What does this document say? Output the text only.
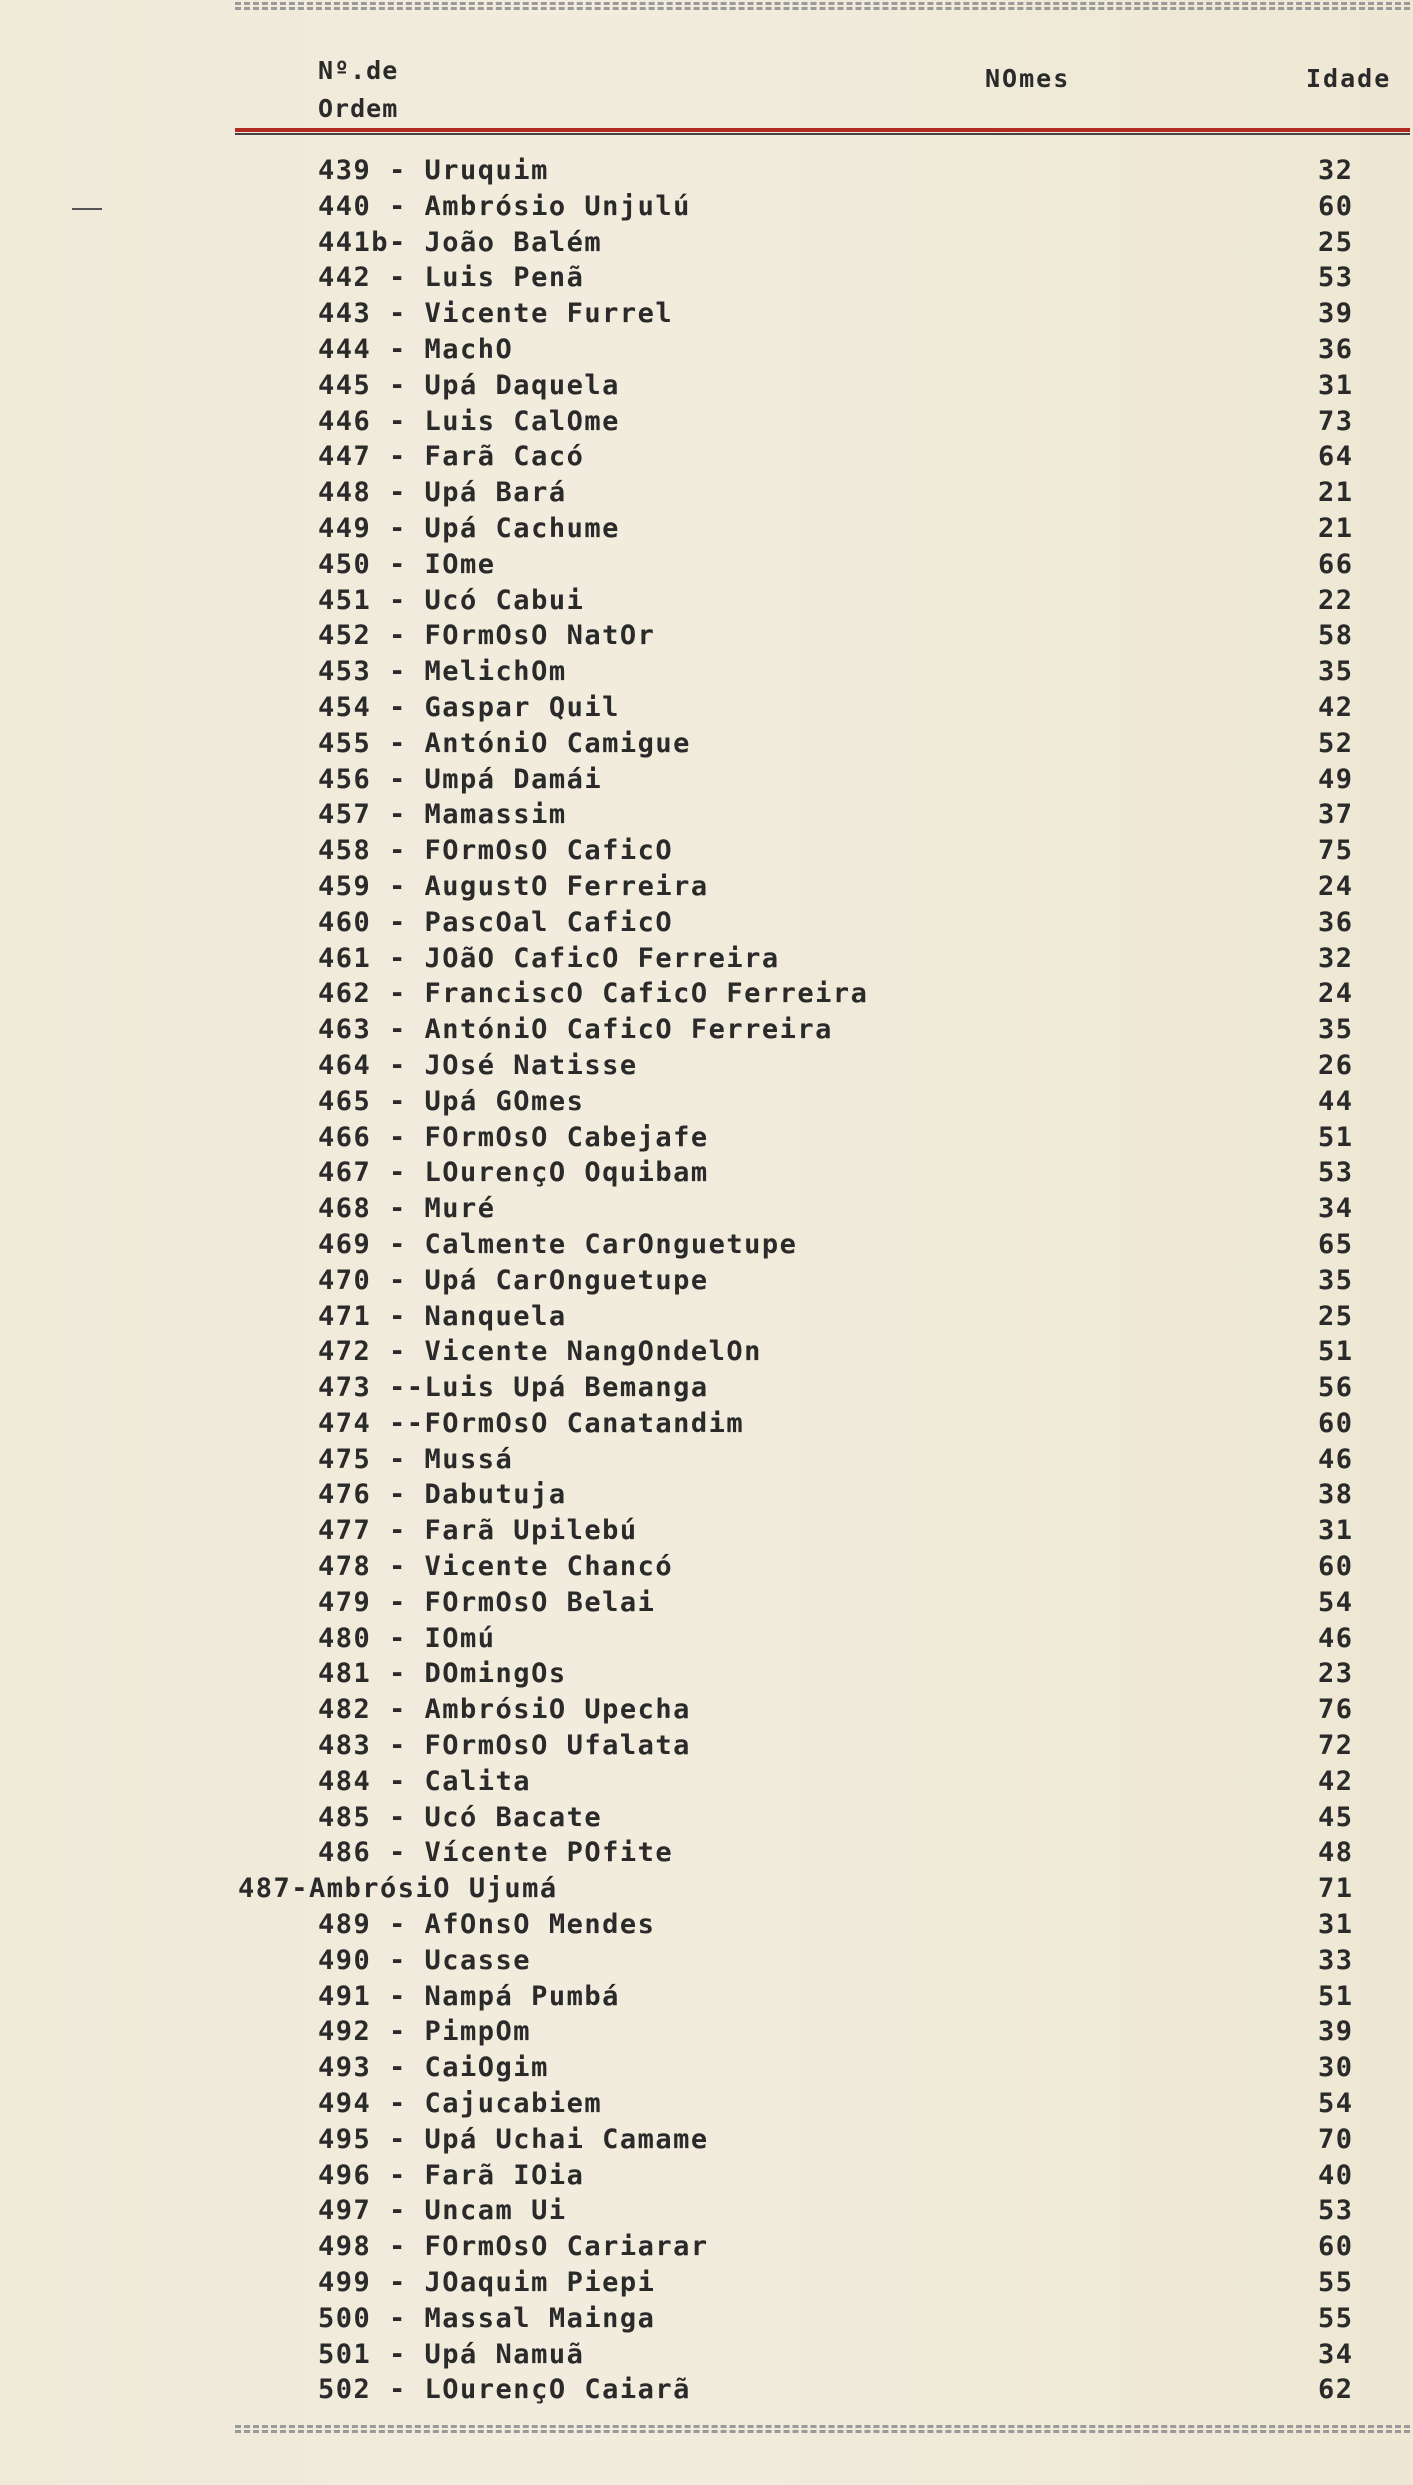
Nº.de
Ordem
NOmes	Idade
439 - Uruquim	32
440 - Ambrósio Unjulú	60
441b- João Balém	25
442 - Luis Penã	53
443 - Vicente Furrel	39
444 - MachO	36
445 - Upá Daquela	31
446 - Luis CalOme	73
447 - Farã Cacó	64
448 - Upá Bará	21
449 - Upá Cachume	21
450 - IOme	66
451 - Ucó Cabui	22
452 - FOrmOsO NatOr	58
453 - MelichOm	35
454 - Gaspar Quil	42
455 - AntóniO Camigue	52
456 - Umpá Damái	49
457 - Mamassim	37
458 - FOrmOsO CaficO	75
459 - AugustO Ferreira	24
460 - PascOal CaficO	36
461 - JOãO CaficO Ferreira	32
462 - FranciscO CaficO Ferreira	24
463 - AntóniO CaficO Ferreira	35
464 - JOsé Natisse	26
465 - Upá GOmes	44
466 - FOrmOsO Cabejafe	51
467 - LOurençO Oquibam	53
468 - Muré	34
469 - Calmente CarOnguetupe	65
470 - Upá CarOnguetupe	35
471 - Nanquela	25
472 - Vicente NangOndelOn	51
473 --Luis Upá Bemanga	56
474 --FOrmOsO Canatandim	60
475 - Mussá	46
476 - Dabutuja	38
477 - Farã Upilebú	31
478 - Vicente Chancó	60
479 - FOrmOsO Belai	54
480 - IOmú	46
481 - DOmingOs	23
482 - AmbrósiO Upecha	76
483 - FOrmOsO Ufalata	72
484 - Calita	42
485 - Ucó Bacate	45
486 - Vícente POfite	48
487-AmbrósiO Ujumá	71
489 - AfOnsO Mendes	31
490 - Ucasse	33
491 - Nampá Pumbá	51
492 - PimpOm	39
493 - CaiOgim	30
494 - Cajucabiem	54
495 - Upá Uchai Camame	70
496 - Farã IOia	40
497 - Uncam Ui	53
498 - FOrmOsO Cariarar	60
499 - JOaquim Piepi	55
500 - Massal Mainga	55
501 - Upá Namuã	34
502 - LOurençO Caiarã	62
